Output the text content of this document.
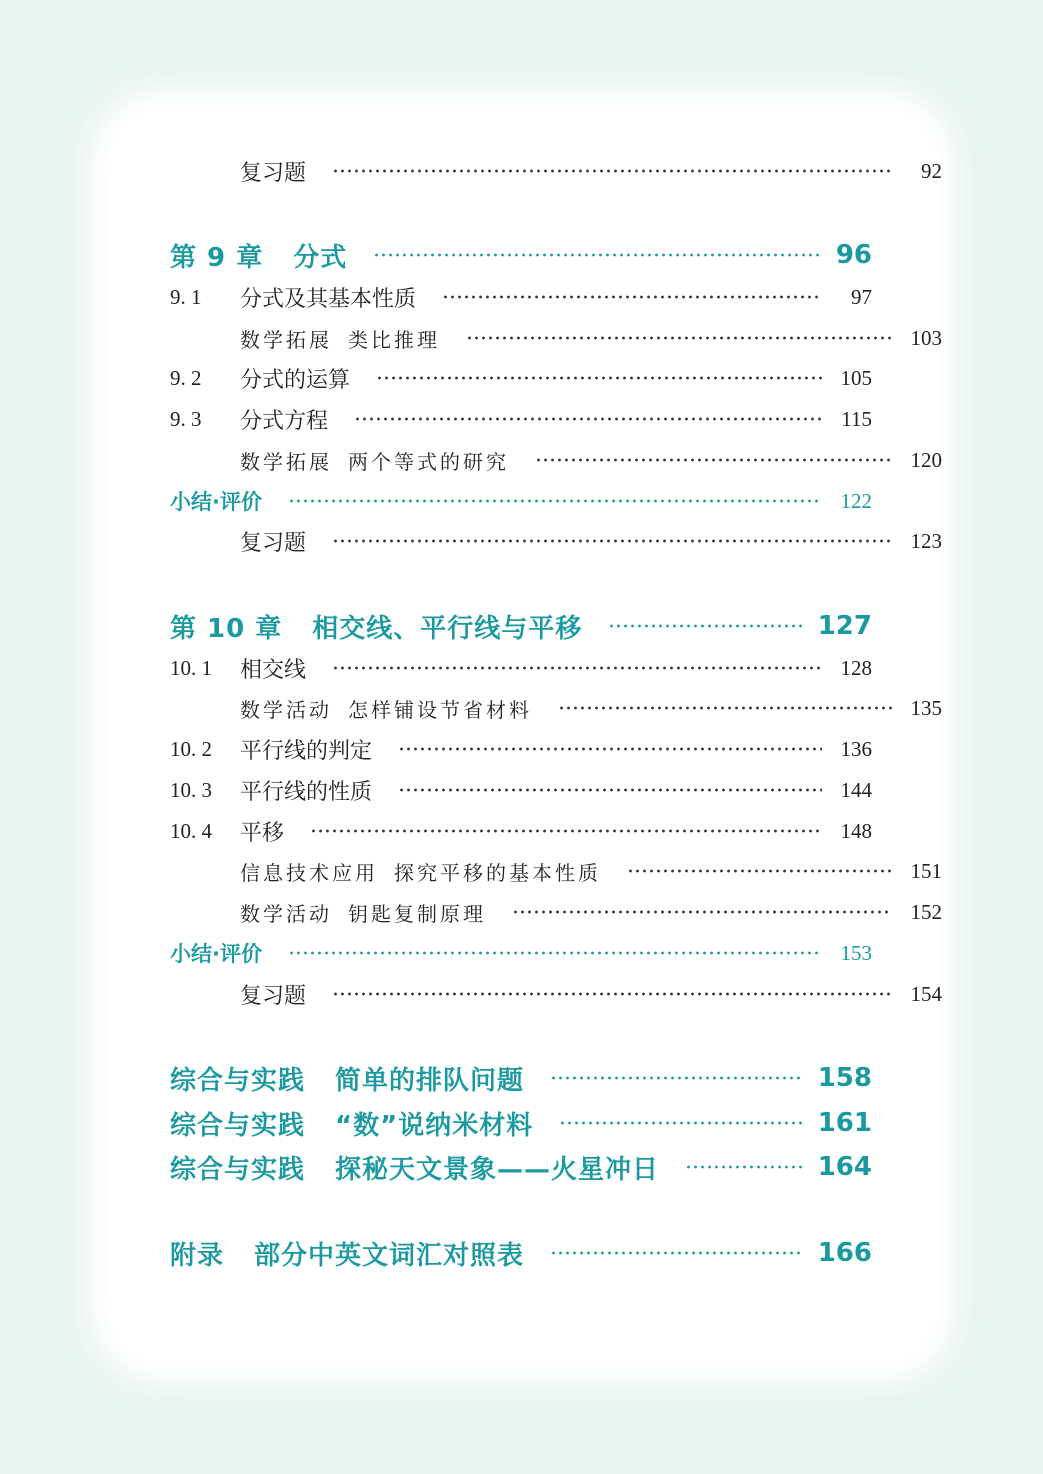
复习题	92
第 9 章 分式	96
9. 1	分式及其基本性质	97
数学拓展 类比推理	103
9. 2	分式的运算	105
9. 3	分式方程	115
数学拓展 两个等式的研究	120
小结·评价	122
复习题	123
第 10 章 相交线、平行线与平移	127
10. 1	相交线	128
数学活动 怎样铺设节省材料	135
10. 2	平行线的判定	136
10. 3	平行线的性质	144
10. 4	平移	148
信息技术应用 探究平移的基本性质	151
数学活动 钥匙复制原理	152
小结·评价	153
复习题	154
综合与实践 简单的排队问题	158
综合与实践 “数”说纳米材料	161
综合与实践 探秘天文景象——火星冲日	164
附录 部分中英文词汇对照表	166
